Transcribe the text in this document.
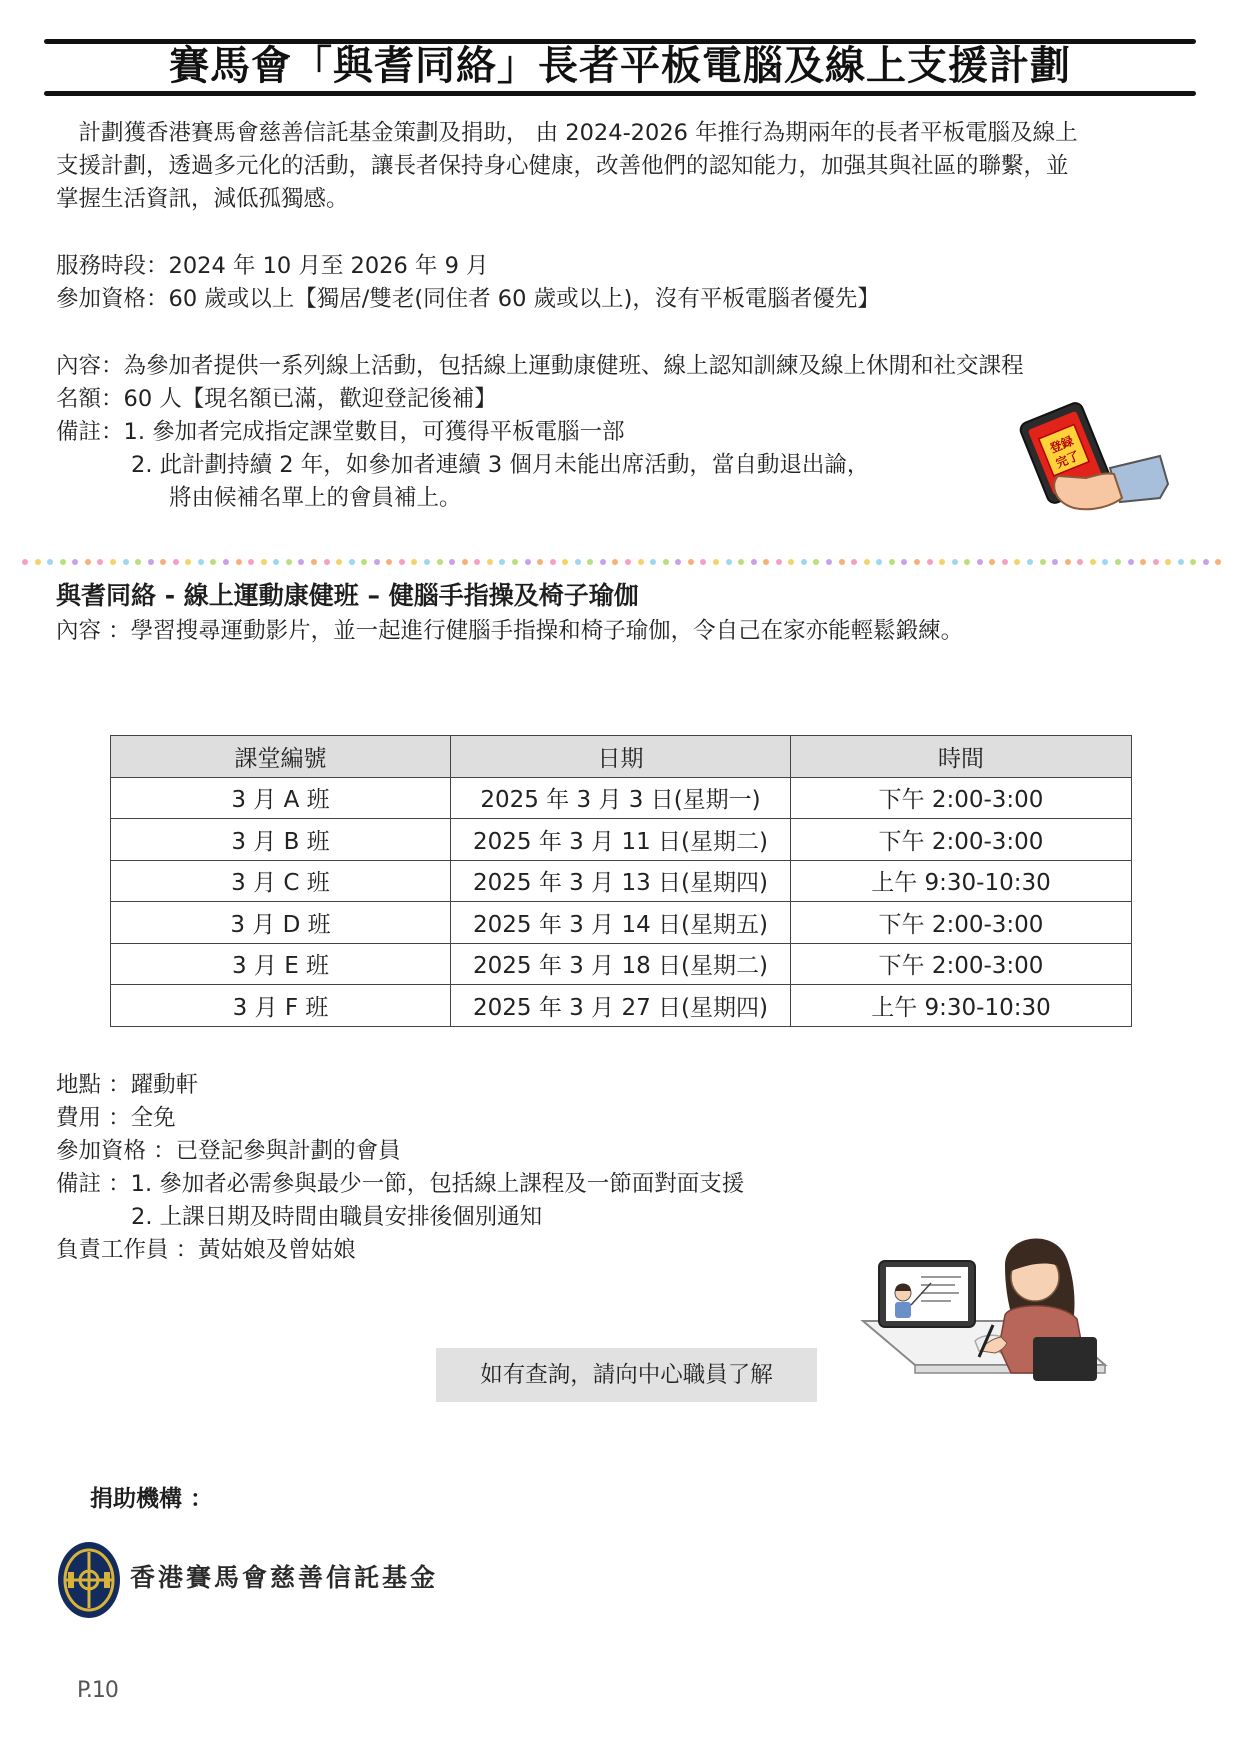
賽馬會「與耆同絡」長者平板電腦及線上支援計劃
　計劃獲香港賽馬會慈善信託基金策劃及捐助， 由 2024-2026 年推行為期兩年的長者平板電腦及線上
支援計劃，透過多元化的活動，讓長者保持身心健康，改善他們的認知能力，加强其與社區的聯繫，並
掌握生活資訊，減低孤獨感。
服務時段：2024 年 10 月至 2026 年 9 月
參加資格：60 歲或以上【獨居/雙老(同住者 60 歲或以上)，沒有平板電腦者優先】
內容：為參加者提供一系列線上活動，包括線上運動康健班、線上認知訓練及線上休閒和社交課程
名額：60 人【現名額已滿，歡迎登記後補】
備註：1. 參加者完成指定課堂數目，可獲得平板電腦一部
2. 此計劃持續 2 年，如參加者連續 3 個月未能出席活動，當自動退出論，
將由候補名單上的會員補上。
登録
完了
與耆同絡 - 線上運動康健班 – 健腦手指操及椅子瑜伽
內容 ：學習搜尋運動影片，並一起進行健腦手指操和椅子瑜伽，令自己在家亦能輕鬆鍛練。
課堂編號	日期	時間
3 月 A 班	2025 年 3 月 3 日(星期一)	下午 2:00-3:00
3 月 B 班	2025 年 3 月 11 日(星期二)	下午 2:00-3:00
3 月 C 班	2025 年 3 月 13 日(星期四)	上午 9:30-10:30
3 月 D 班	2025 年 3 月 14 日(星期五)	下午 2:00-3:00
3 月 E 班	2025 年 3 月 18 日(星期二)	下午 2:00-3:00
3 月 F 班	2025 年 3 月 27 日(星期四)	上午 9:30-10:30
地點 ：躍動軒
費用 ：全免
參加資格 ：已登記參與計劃的會員
備註 ：1. 參加者必需參與最少一節，包括線上課程及一節面對面支援
2. 上課日期及時間由職員安排後個別通知
負責工作員 ：黃姑娘及曾姑娘
如有查詢，請向中心職員了解
捐助機構 ：
香港賽馬會慈善信託基金
P.10
